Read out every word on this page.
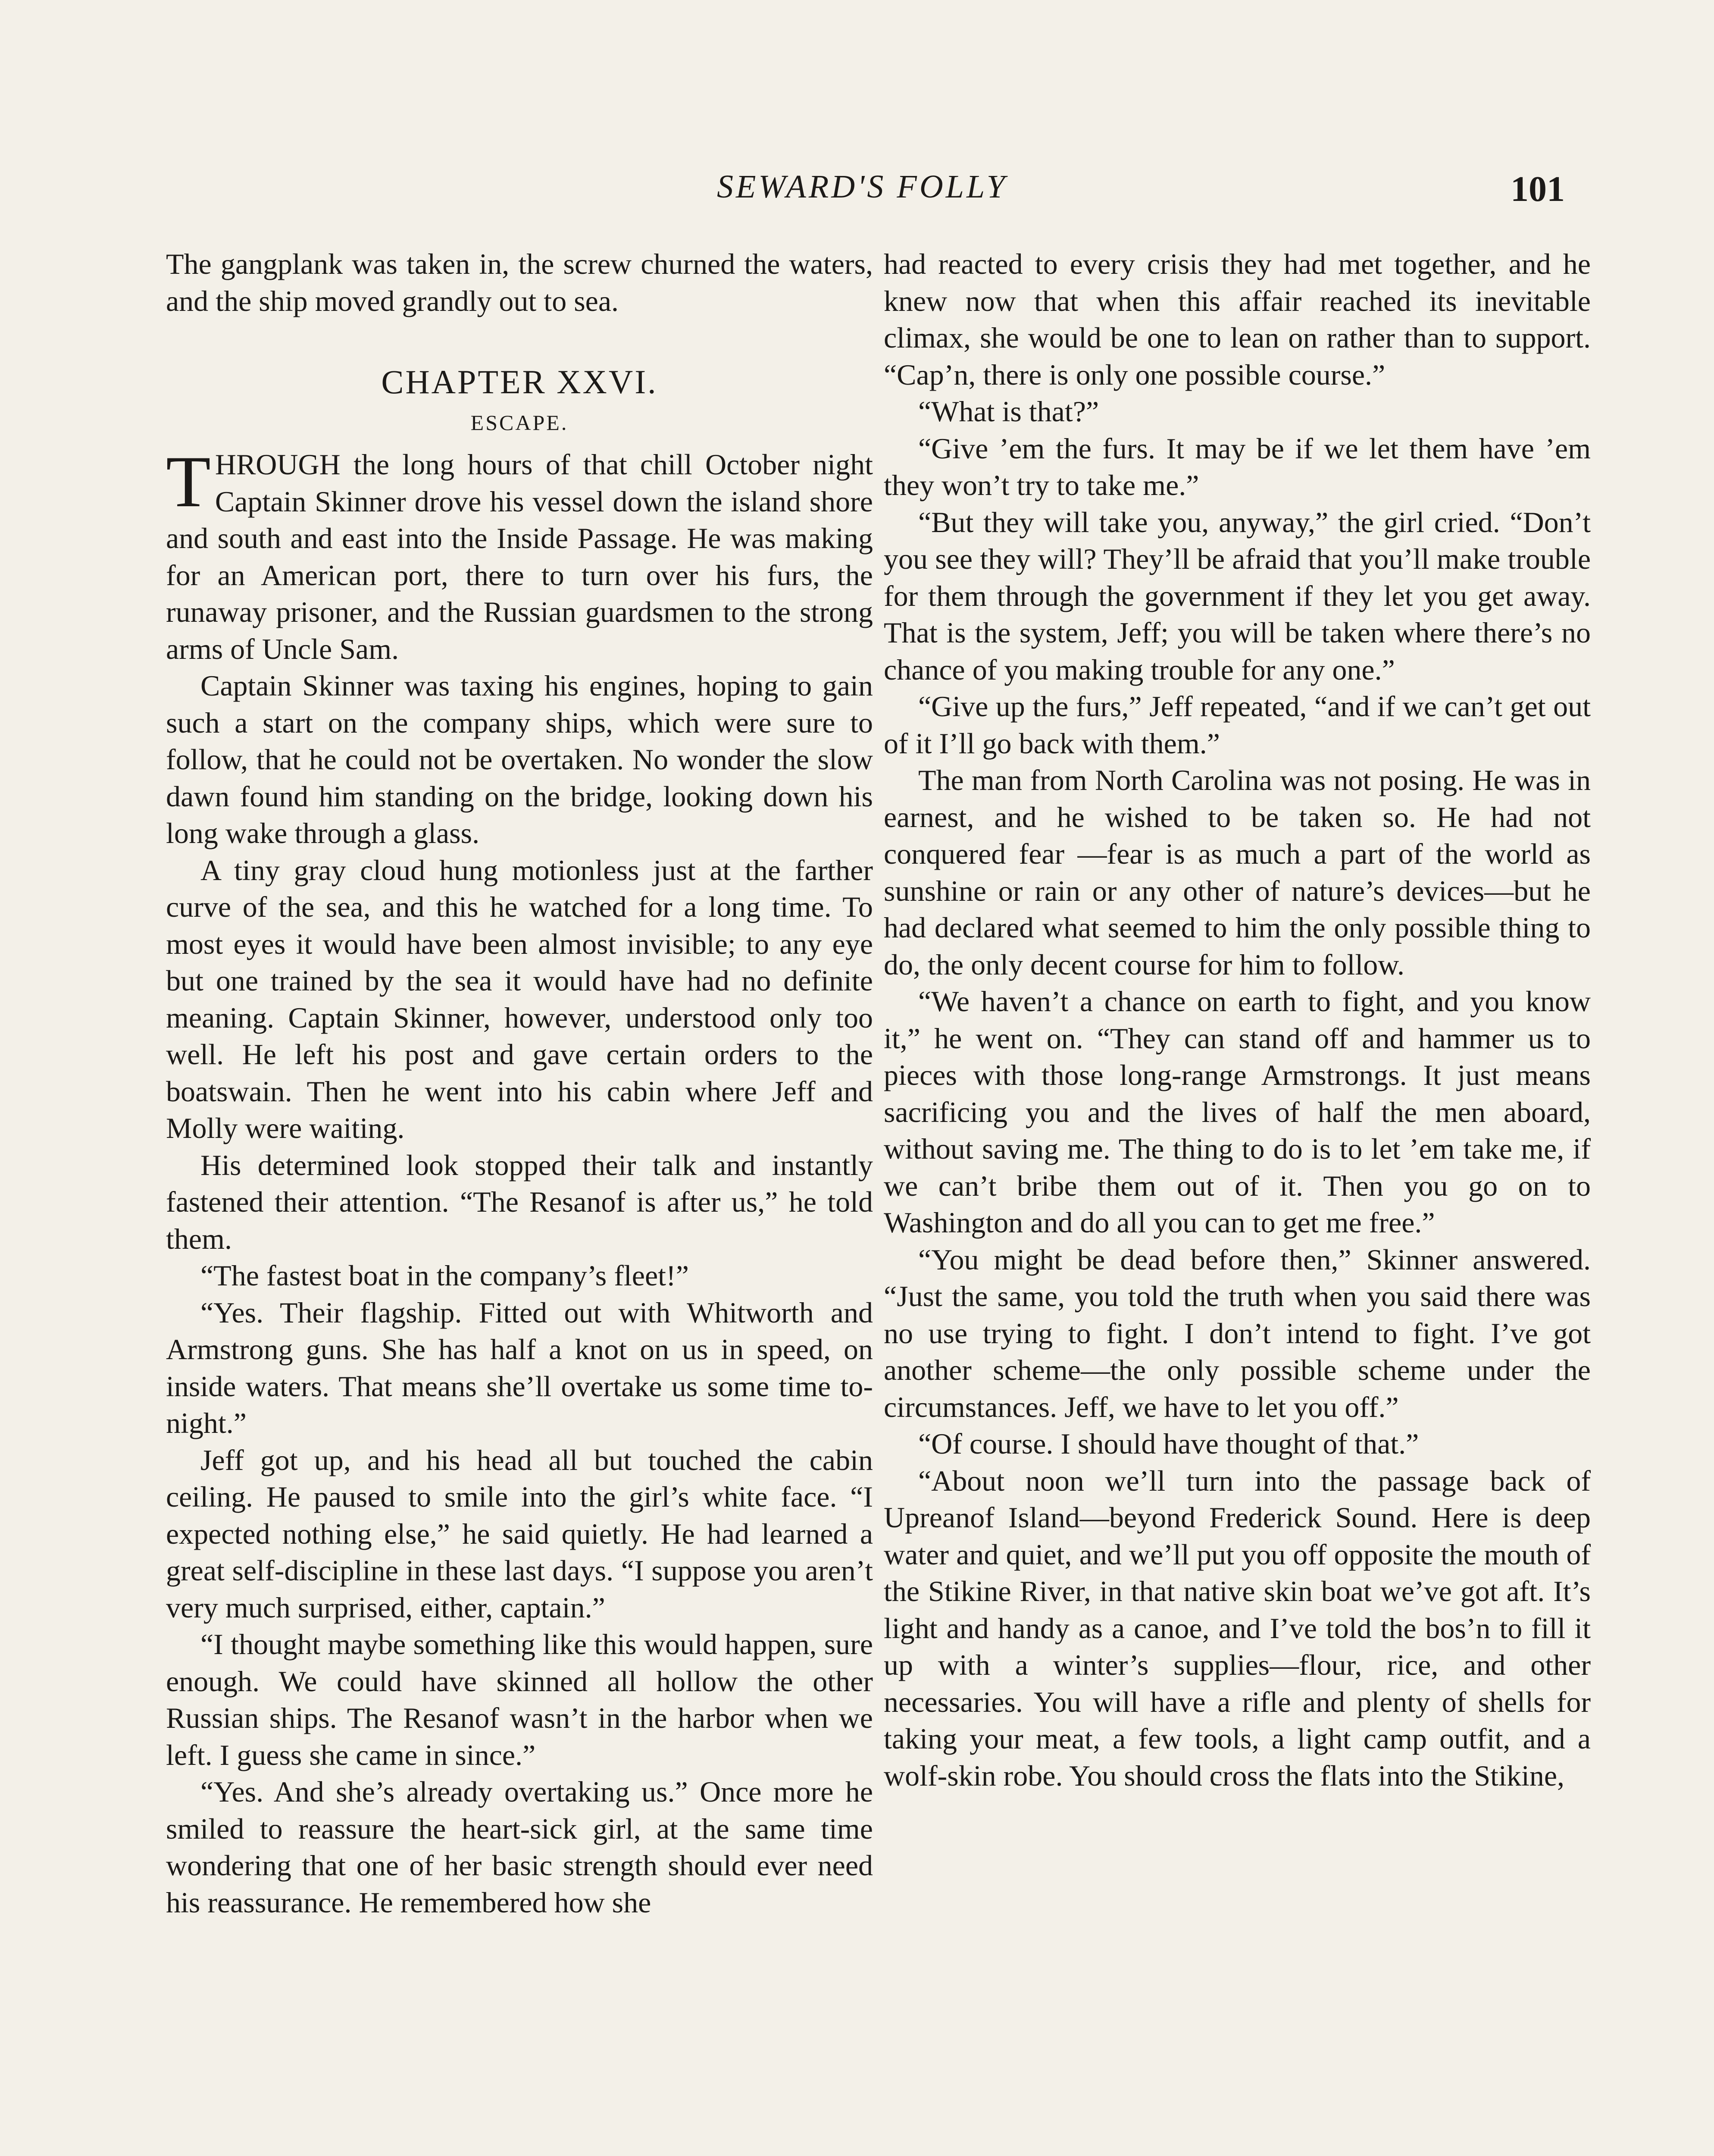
SEWARD'S FOLLY	101

The gangplank was taken in, the screw churned the waters, and the ship moved grandly out to sea.

CHAPTER XXVI.
ESCAPE.

THROUGH the long hours of that chill October night Captain Skinner drove his vessel down the island shore and south and east into the Inside Passage. He was making for an American port, there to turn over his furs, the runaway prisoner, and the Russian guardsmen to the strong arms of Uncle Sam.

Captain Skinner was taxing his engines, hoping to gain such a start on the company ships, which were sure to follow, that he could not be overtaken. No wonder the slow dawn found him standing on the bridge, looking down his long wake through a glass.

A tiny gray cloud hung motionless just at the farther curve of the sea, and this he watched for a long time. To most eyes it would have been almost invisible; to any eye but one trained by the sea it would have had no definite meaning. Captain Skinner, however, understood only too well. He left his post and gave certain orders to the boatswain. Then he went into his cabin where Jeff and Molly were waiting.

His determined look stopped their talk and instantly fastened their attention. “The Resanof is after us,” he told them.

“The fastest boat in the company’s fleet!”

“Yes. Their flagship. Fitted out with Whitworth and Armstrong guns. She has half a knot on us in speed, on inside waters. That means she’ll overtake us some time to-night.”

Jeff got up, and his head all but touched the cabin ceiling. He paused to smile into the girl’s white face. “I expected nothing else,” he said quietly. He had learned a great self-discipline in these last days. “I suppose you aren’t very much surprised, either, captain.”

“I thought maybe something like this would happen, sure enough. We could have skinned all hollow the other Russian ships. The Resanof wasn’t in the harbor when we left. I guess she came in since.”

“Yes. And she’s already overtaking us.” Once more he smiled to reassure the heart-sick girl, at the same time wondering that one of her basic strength should ever need his reassurance. He remembered how she

had reacted to every crisis they had met together, and he knew now that when this affair reached its inevitable climax, she would be one to lean on rather than to support. “Cap’n, there is only one possible course.”

“What is that?”

“Give ’em the furs. It may be if we let them have ’em they won’t try to take me.”

“But they will take you, anyway,” the girl cried. “Don’t you see they will? They’ll be afraid that you’ll make trouble for them through the government if they let you get away. That is the system, Jeff; you will be taken where there’s no chance of you making trouble for any one.”

“Give up the furs,” Jeff repeated, “and if we can’t get out of it I’ll go back with them.”

The man from North Carolina was not posing. He was in earnest, and he wished to be taken so. He had not conquered fear —fear is as much a part of the world as sunshine or rain or any other of nature’s devices—but he had declared what seemed to him the only possible thing to do, the only decent course for him to follow.

“We haven’t a chance on earth to fight, and you know it,” he went on. “They can stand off and hammer us to pieces with those long-range Armstrongs. It just means sacrificing you and the lives of half the men aboard, without saving me. The thing to do is to let ’em take me, if we can’t bribe them out of it. Then you go on to Washington and do all you can to get me free.”

“You might be dead before then,” Skinner answered. “Just the same, you told the truth when you said there was no use trying to fight. I don’t intend to fight. I’ve got another scheme—the only possible scheme under the circumstances. Jeff, we have to let you off.”

“Of course. I should have thought of that.”

“About noon we’ll turn into the passage back of Upreanof Island—beyond Frederick Sound. Here is deep water and quiet, and we’ll put you off opposite the mouth of the Stikine River, in that native skin boat we’ve got aft. It’s light and handy as a canoe, and I’ve told the bos’n to fill it up with a winter’s supplies—flour, rice, and other necessaries. You will have a rifle and plenty of shells for taking your meat, a few tools, a light camp outfit, and a wolf-skin robe. You should cross the flats into the Stikine,
